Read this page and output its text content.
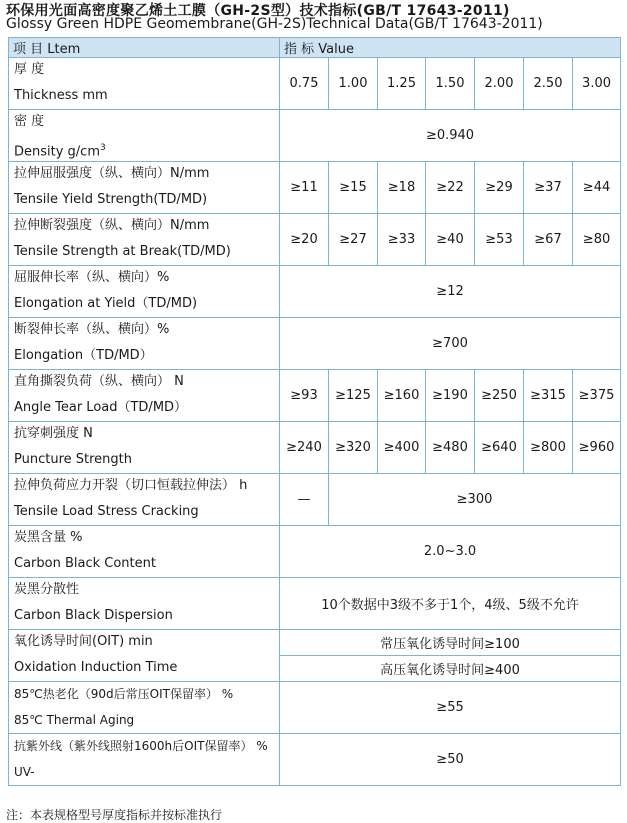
环保用光面高密度聚乙烯土工膜（GH-2S型）技术指标(GB/T 17643-2011)
Glossy Green HDPE Geomembrane(GH-2S)Technical Data(GB/T 17643-2011)
项 目 Ltem	指 标 Value						

厚 度
Thickness mm	0.75	1.00	1.25	1.50	2.00	2.50	3.00

密 度
Density $g/cm^3$	≥0.940						

拉伸屈服强度（纵、横向）N/mm
Tensile Yield Strength(TD/MD)	≥11	≥15	≥18	≥22	≥29	≥37	≥44

拉伸断裂强度（纵、横向）N/mm
Tensile Strength at Break(TD/MD)	≥20	≥27	≥33	≥40	≥53	≥67	≥80

屈服伸长率（纵、横向）%
Elongation at Yield（TD/MD)	≥12						

断裂伸长率（纵、横向）%
Elongation（TD/MD）	≥700						

直角撕裂负荷（纵、横向） N
Angle Tear Load（TD/MD）	≥93	≥125	≥160	≥190	≥250	≥315	≥375

抗穿刺强度 N
Puncture Strength	≥240	≥320	≥400	≥480	≥640	≥800	≥960

拉伸负荷应力开裂（切口恒载拉伸法） h
Tensile Load Stress Cracking	—	≥300					

炭黑含量 %
Carbon Black Content	2.0~3.0						

炭黑分散性
Carbon Black Dispersion	10个数据中3级不多于1个，4级、5级不允许						

氧化诱导时间(OIT) min
Oxidation Induction Time	常压氧化诱导时间≥100						
	高压氧化诱导时间≥400						

85℃热老化（90d后常压OIT保留率） %
85℃ Thermal Aging	≥55						

抗紫外线（紫外线照射1600h后OIT保留率） %
UV-	≥50						
注：本表规格型号厚度指标并按标准执行
